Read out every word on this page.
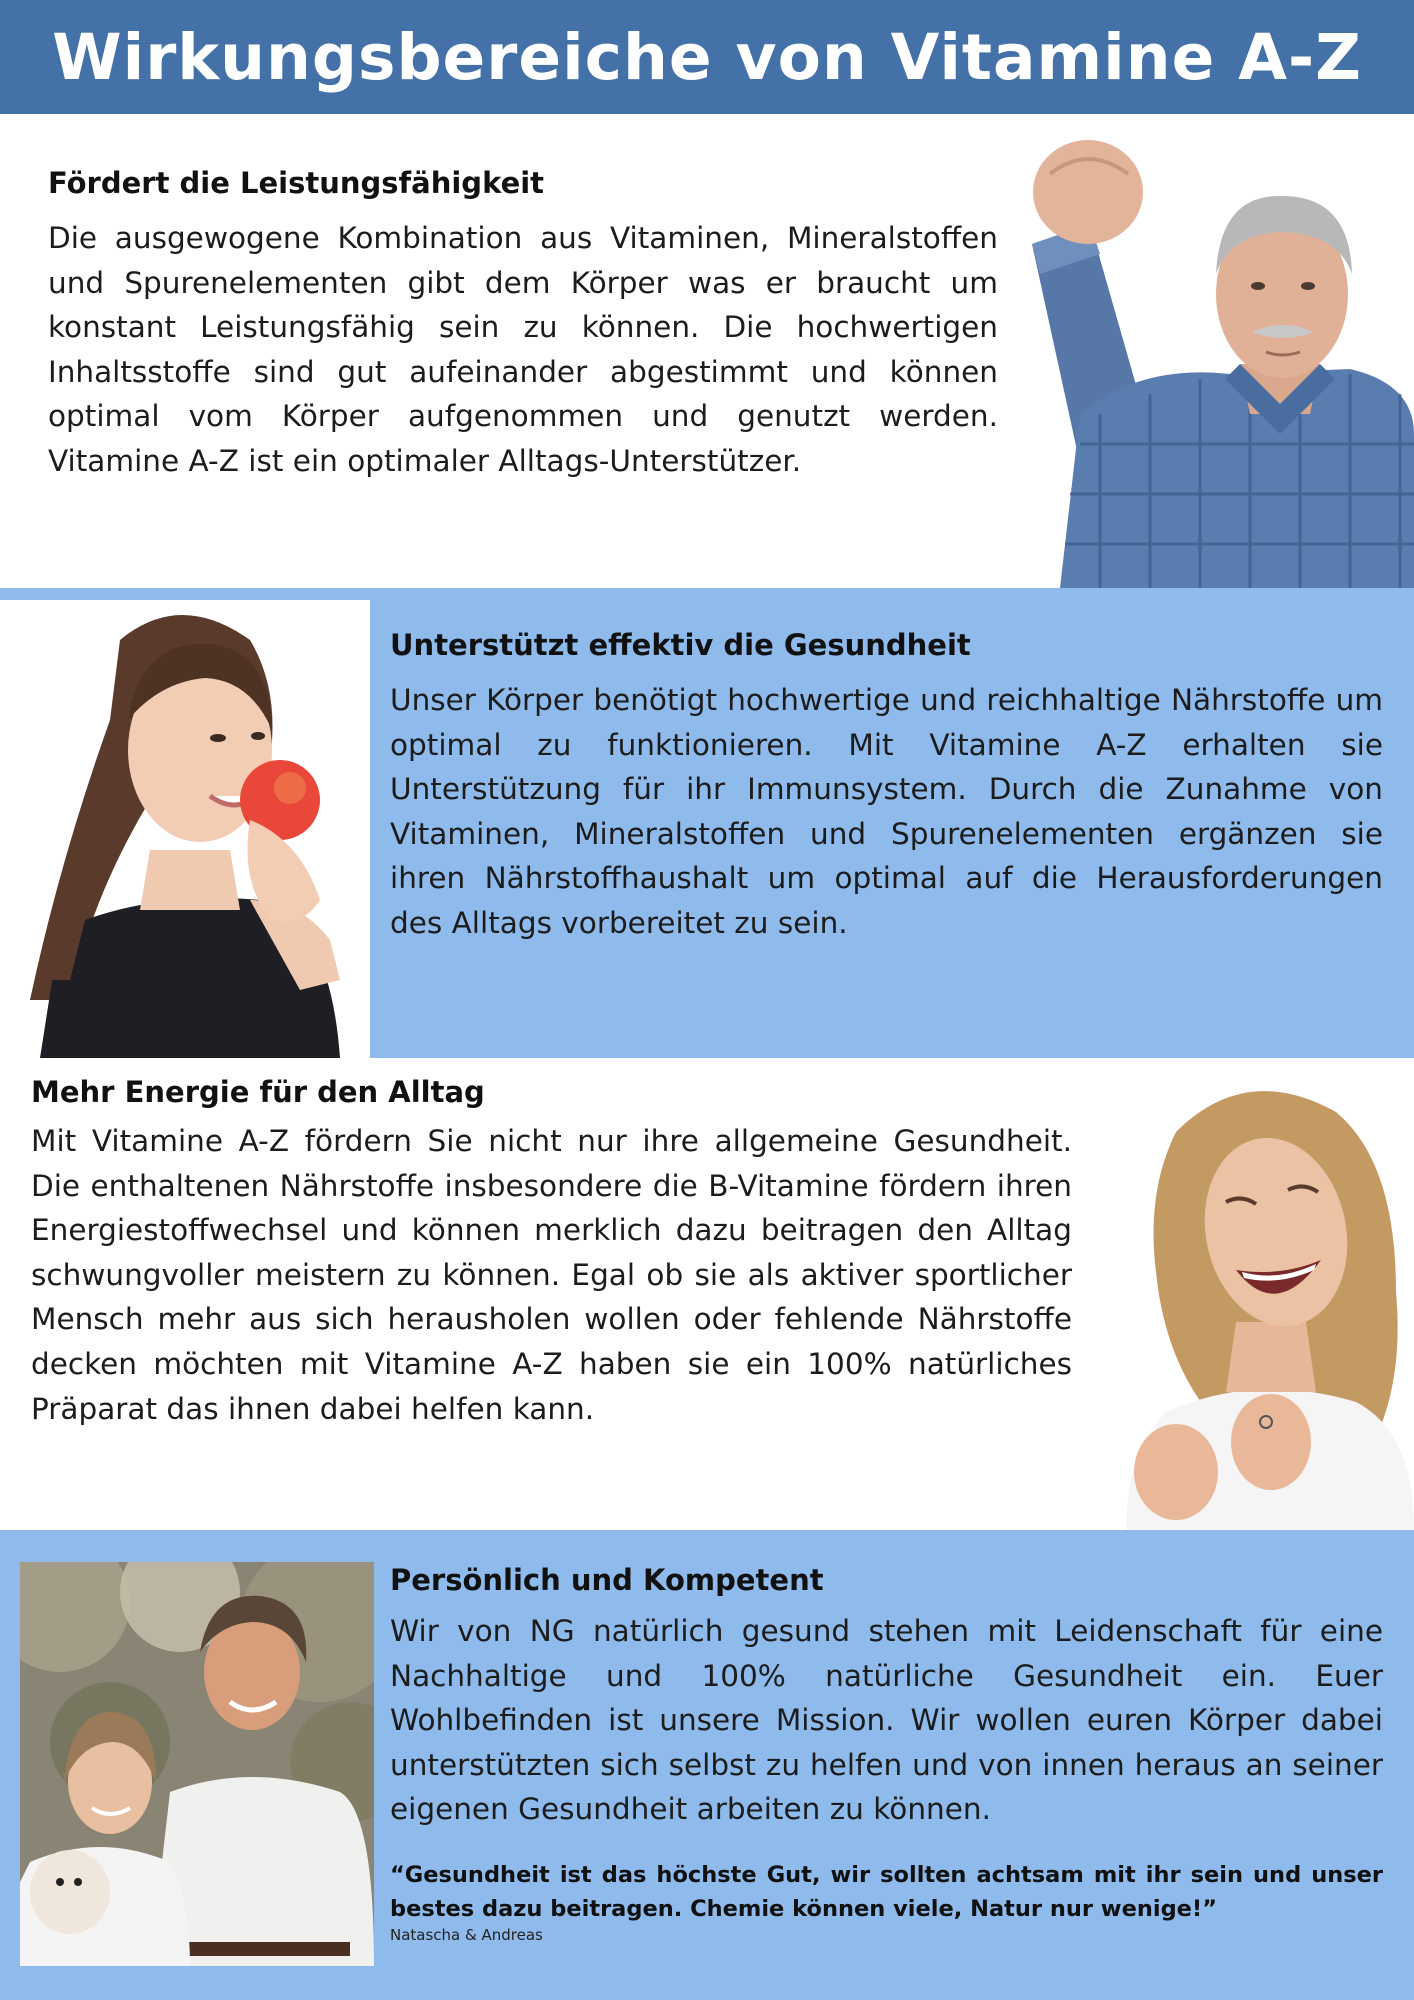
Wirkungsbereiche von Vitamine A-Z
Fördert die Leistungsfähigkeit

Die ausgewogene Kombination aus Vitaminen, Mineralstoffen und Spurenelementen gibt dem Körper was er braucht um konstant Leistungsfähig sein zu können. Die hochwertigen Inhaltsstoffe sind gut aufeinander abgestimmt und können optimal vom Körper aufgenommen und genutzt werden. Vitamine A-Z ist ein optimaler Alltags-Unterstützer.

Unterstützt effektiv die Gesundheit

Unser Körper benötigt hochwertige und reichhaltige Nährstoffe um optimal zu funktionieren. Mit Vitamine A-Z erhalten sie Unterstützung für ihr Immunsystem. Durch die Zunahme von Vitaminen, Mineralstoffen und Spurenelementen ergänzen sie ihren Nährstoffhaushalt um optimal auf die Herausforderungen des Alltags vorbereitet zu sein.

Mehr Energie für den Alltag

Mit Vitamine A-Z fördern Sie nicht nur ihre allgemeine Gesundheit. Die enthaltenen Nährstoffe insbesondere die B-Vitamine fördern ihren Energiestoffwechsel und können merklich dazu beitragen den Alltag schwungvoller meistern zu können. Egal ob sie als aktiver sportlicher Mensch mehr aus sich herausholen wollen oder fehlende Nährstoffe decken möchten mit Vitamine A-Z haben sie ein 100% natürliches Präparat das ihnen dabei helfen kann.

Persönlich und Kompetent

Wir von NG natürlich gesund stehen mit Leidenschaft für eine Nachhaltige und 100% natürliche Gesundheit ein. Euer Wohlbefinden ist unsere Mission. Wir wollen euren Körper dabei unterstützten sich selbst zu helfen und von innen heraus an seiner eigenen Gesundheit arbeiten zu können.

“Gesundheit ist das höchste Gut, wir sollten achtsam mit ihr sein und unser bestes dazu beitragen. Chemie können viele, Natur nur wenige!”

Natascha & Andreas
